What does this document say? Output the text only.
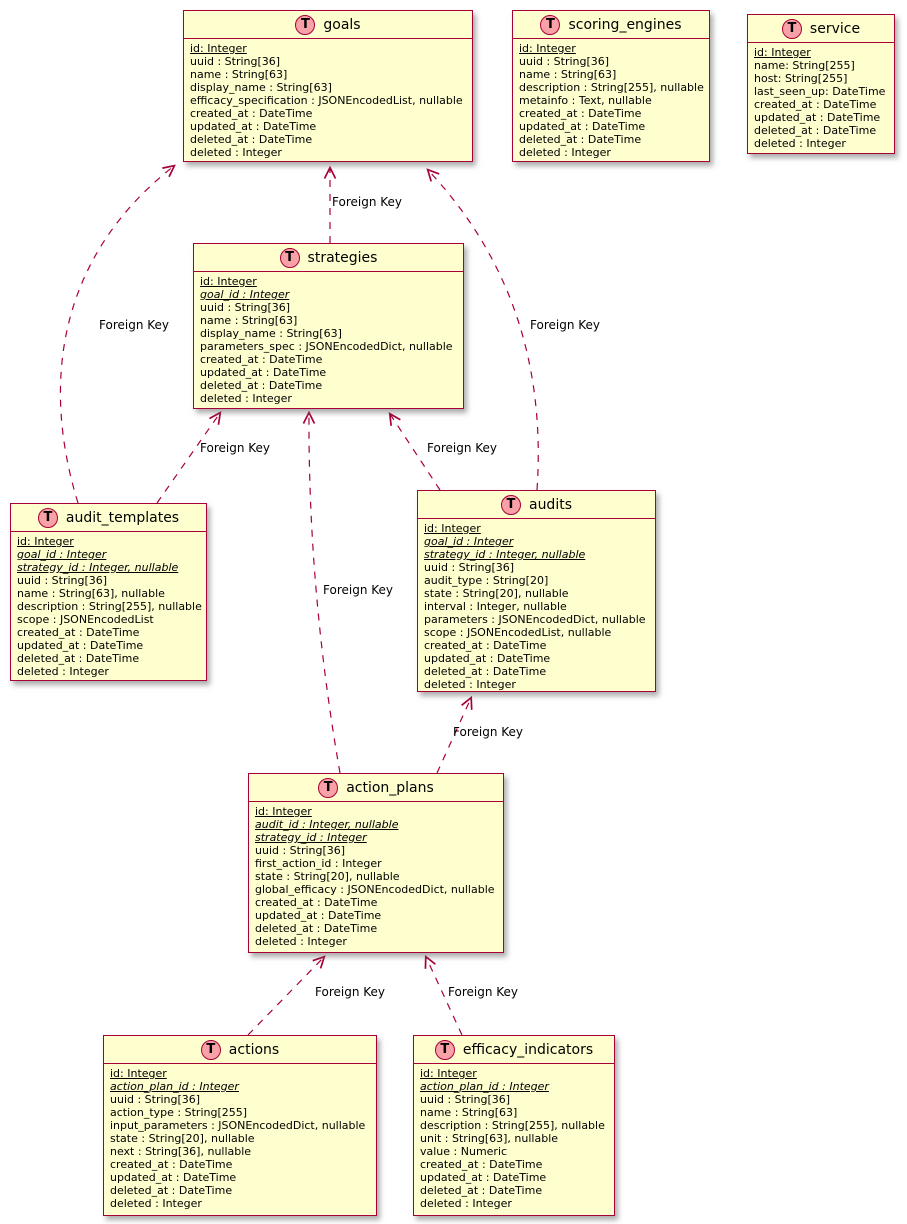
T goals
id: Integer
uuid : String[36]
name : String[63]
display_name : String[63]
efficacy_specification : JSONEncodedList, nullable
created_at : DateTime
updated_at : DateTime
deleted_at : DateTime
deleted : Integer
T scoring_engines
id: Integer
uuid : String[36]
name : String[63]
description : String[255], nullable
metainfo : Text, nullable
created_at : DateTime
updated_at : DateTime
deleted_at : DateTime
deleted : Integer
T service
id: Integer
name: String[255]
host: String[255]
last_seen_up: DateTime
created_at : DateTime
updated_at : DateTime
deleted_at : DateTime
deleted : Integer
T strategies
id: Integer
goal_id : Integer
uuid : String[36]
name : String[63]
display_name : String[63]
parameters_spec : JSONEncodedDict, nullable
created_at : DateTime
updated_at : DateTime
deleted_at : DateTime
deleted : Integer
T audit_templates
id: Integer
goal_id : Integer
strategy_id : Integer, nullable
uuid : String[36]
name : String[63], nullable
description : String[255], nullable
scope : JSONEncodedList
created_at : DateTime
updated_at : DateTime
deleted_at : DateTime
deleted : Integer
T audits
id: Integer
goal_id : Integer
strategy_id : Integer, nullable
uuid : String[36]
audit_type : String[20]
state : String[20], nullable
interval : Integer, nullable
parameters : JSONEncodedDict, nullable
scope : JSONEncodedList, nullable
created_at : DateTime
updated_at : DateTime
deleted_at : DateTime
deleted : Integer
T action_plans
id: Integer
audit_id : Integer, nullable
strategy_id : Integer
uuid : String[36]
first_action_id : Integer
state : String[20], nullable
global_efficacy : JSONEncodedDict, nullable
created_at : DateTime
updated_at : DateTime
deleted_at : DateTime
deleted : Integer
T actions
id: Integer
action_plan_id : Integer
uuid : String[36]
action_type : String[255]
input_parameters : JSONEncodedDict, nullable
state : String[20], nullable
next : String[36], nullable
created_at : DateTime
updated_at : DateTime
deleted_at : DateTime
deleted : Integer
T efficacy_indicators
id: Integer
action_plan_id : Integer
uuid : String[36]
name : String[63]
description : String[255], nullable
unit : String[63], nullable
value : Numeric
created_at : DateTime
updated_at : DateTime
deleted_at : DateTime
deleted : Integer
Foreign Key
Foreign Key	Foreign Key
Foreign Key	Foreign Key
Foreign Key
Foreign Key
Foreign Key	Foreign Key
